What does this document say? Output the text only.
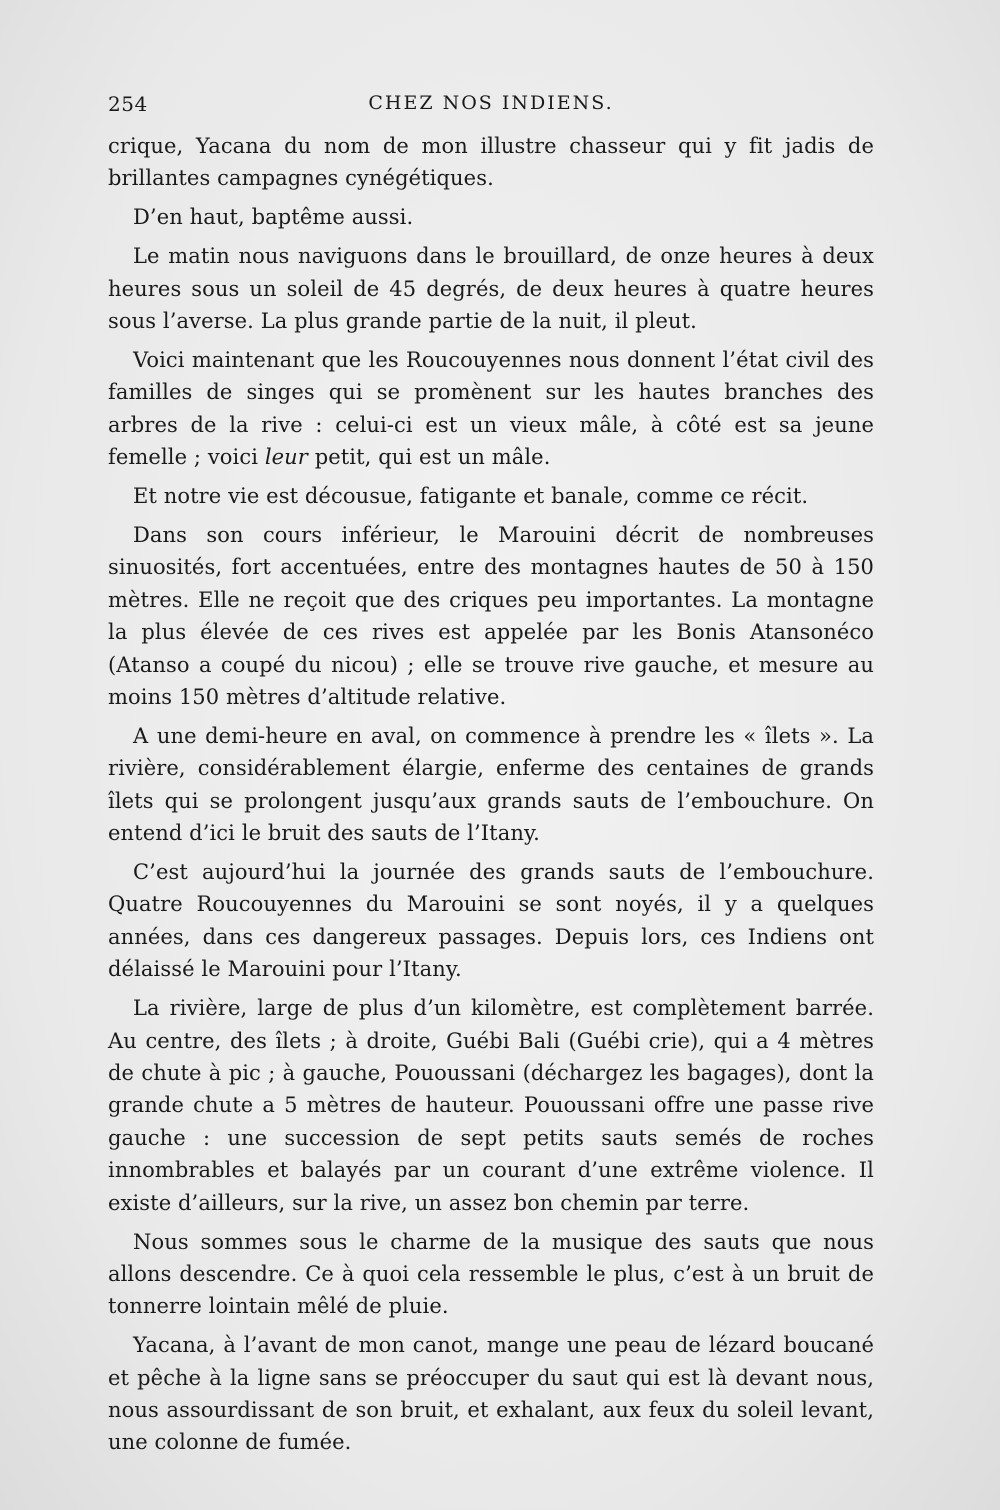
254	CHEZ NOS INDIENS.

crique, Yacana du nom de mon illustre chasseur qui y fit jadis de brillantes campagnes cynégétiques.

D’en haut, baptême aussi.

Le matin nous naviguons dans le brouillard, de onze heures à deux heures sous un soleil de 45 degrés, de deux heures à quatre heures sous l’averse. La plus grande partie de la nuit, il pleut.

Voici maintenant que les Roucouyennes nous donnent l’état civil des familles de singes qui se promènent sur les hautes branches des arbres de la rive : celui-ci est un vieux mâle, à côté est sa jeune femelle ; voici leur petit, qui est un mâle.

Et notre vie est décousue, fatigante et banale, comme ce récit.

Dans son cours inférieur, le Marouini décrit de nombreuses sinuosités, fort accentuées, entre des montagnes hautes de 50 à 150 mètres. Elle ne reçoit que des criques peu importantes. La montagne la plus élevée de ces rives est appelée par les Bonis Atansonéco (Atanso a coupé du nicou) ; elle se trouve rive gauche, et mesure au moins 150 mètres d’altitude relative.

A une demi-heure en aval, on commence à prendre les « îlets ». La rivière, considérablement élargie, enferme des centaines de grands îlets qui se prolongent jusqu’aux grands sauts de l’embouchure. On entend d’ici le bruit des sauts de l’Itany.

C’est aujourd’hui la journée des grands sauts de l’embouchure. Quatre Roucouyennes du Marouini se sont noyés, il y a quelques années, dans ces dangereux passages. Depuis lors, ces Indiens ont délaissé le Marouini pour l’Itany.

La rivière, large de plus d’un kilomètre, est complètement barrée. Au centre, des îlets ; à droite, Guébi Bali (Guébi crie), qui a 4 mètres de chute à pic ; à gauche, Pououssani (déchargez les bagages), dont la grande chute a 5 mètres de hauteur. Pououssani offre une passe rive gauche : une succession de sept petits sauts semés de roches innombrables et balayés par un courant d’une extrême violence. Il existe d’ailleurs, sur la rive, un assez bon chemin par terre.

Nous sommes sous le charme de la musique des sauts que nous allons descendre. Ce à quoi cela ressemble le plus, c’est à un bruit de tonnerre lointain mêlé de pluie.

Yacana, à l’avant de mon canot, mange une peau de lézard boucané et pêche à la ligne sans se préoccuper du saut qui est là devant nous, nous assourdissant de son bruit, et exhalant, aux feux du soleil levant, une colonne de fumée.
